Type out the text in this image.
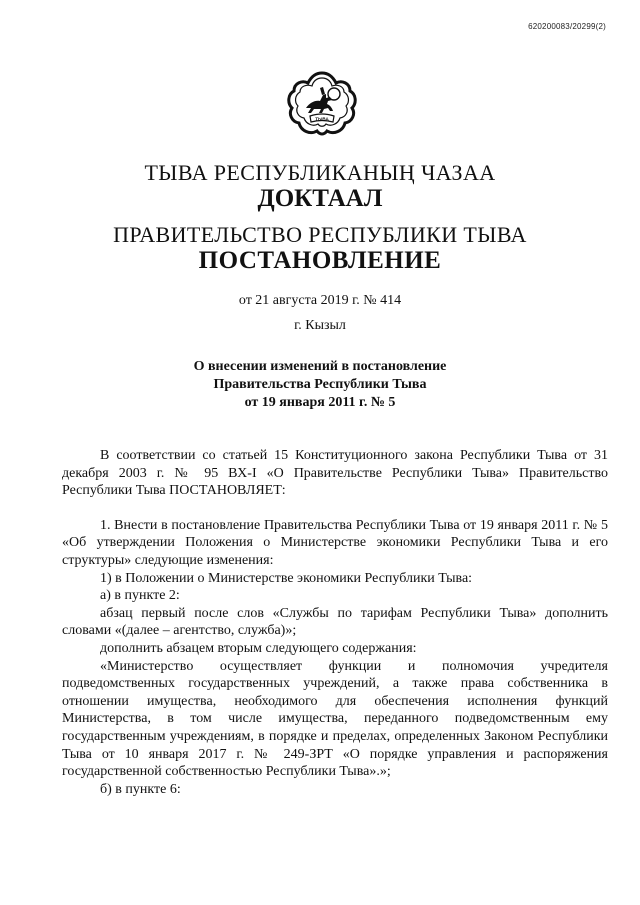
620200083/20299(2)
ТЫВА
ТЫВА РЕСПУБЛИКАНЫҢ ЧАЗАА
ДОКТААЛ
ПРАВИТЕЛЬСТВО РЕСПУБЛИКИ ТЫВА
ПОСТАНОВЛЕНИЕ
от 21 августа 2019 г. № 414
г. Кызыл
О внесении изменений в постановление
Правительства Республики Тыва
от 19 января 2011 г. № 5

В соответствии со статьей 15 Конституционного закона Республики Тыва от 31 декабря 2003 г. № 95 ВХ-I «О Правительстве Республики Тыва» Правительство Республики Тыва ПОСТАНОВЛЯЕТ:

1. Внести в постановление Правительства Республики Тыва от 19 января 2011 г. № 5 «Об утверждении Положения о Министерстве экономики Республики Тыва и его структуры» следующие изменения:

1) в Положении о Министерстве экономики Республики Тыва:

а) в пункте 2:

абзац первый после слов «Службы по тарифам Республики Тыва» дополнить словами «(далее – агентство, служба)»;

дополнить абзацем вторым следующего содержания:

«Министерство осуществляет функции и полномочия учредителя подведомственных государственных учреждений, а также права собственника в отношении имущества, необходимого для обеспечения исполнения функций Министерства, в том числе имущества, переданного подведомственным ему государственным учреждениям, в порядке и пределах, определенных Законом Республики Тыва от 10 января 2017 г. № 249-ЗРТ «О порядке управления и распоряжения государственной собственностью Республики Тыва».»;

б) в пункте 6:
